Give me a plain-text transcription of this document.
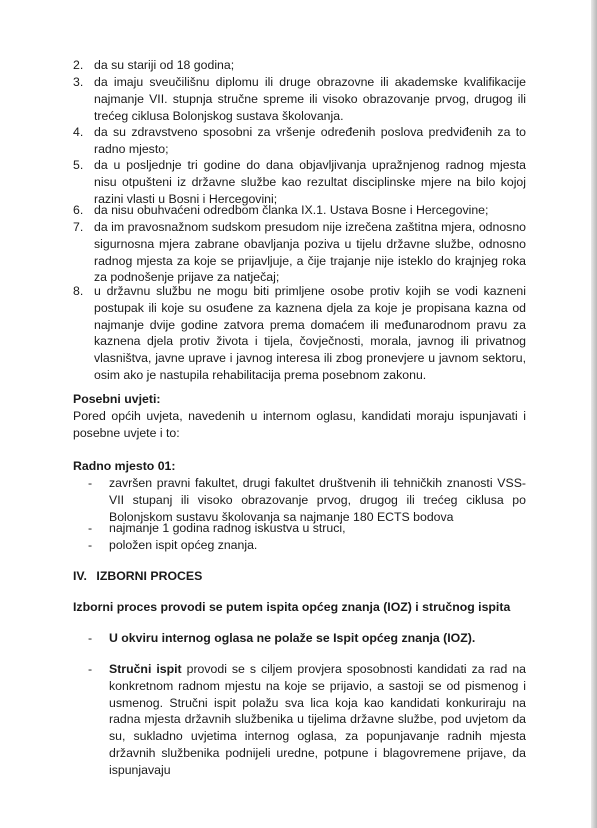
2. da su stariji od 18 godina;
3. da imaju sveučilišnu diplomu ili druge obrazovne ili akademske kvalifikacije najmanje VII. stupnja stručne spreme ili visoko obrazovanje prvog, drugog ili trećeg ciklusa Bolonjskog sustava školovanja.
4. da su zdravstveno sposobni za vršenje određenih poslova predviđenih za to radno mjesto;
5. da u posljednje tri godine do dana objavljivanja upražnjenog radnog mjesta nisu otpušteni iz državne službe kao rezultat disciplinske mjere na bilo kojoj razini vlasti u Bosni i Hercegovini;
6. da nisu obuhvaćeni odredbom članka IX.1. Ustava Bosne i Hercegovine;
7. da im pravosnažnom sudskom presudom nije izrečena zaštitna mjera, odnosno sigurnosna mjera zabrane obavljanja poziva u tijelu državne službe, odnosno radnog mjesta za koje se prijavljuje, a čije trajanje nije isteklo do krajnjeg roka za podnošenje prijave za natječaj;
8. u državnu službu ne mogu biti primljene osobe protiv kojih se vodi kazneni postupak ili koje su osuđene za kaznena djela za koje je propisana kazna od najmanje dvije godine zatvora prema domaćem ili međunarodnom pravu za kaznena djela protiv života i tijela, čovječnosti, morala, javnog ili privatnog vlasništva, javne uprave i javnog interesa ili zbog pronevjere u javnom sektoru, osim ako je nastupila rehabilitacija prema posebnom zakonu.
Posebni uvjeti:
Pored općih uvjeta, navedenih u internom oglasu, kandidati moraju ispunjavati i posebne uvjete i to:
Radno mjesto 01:
- završen pravni fakultet, drugi fakultet društvenih ili tehničkih znanosti VSS-VII stupanj ili visoko obrazovanje prvog, drugog ili trećeg ciklusa po Bolonjskom sustavu školovanja sa najmanje 180 ECTS bodova
- najmanje 1 godina radnog iskustva u struci,
- položen ispit općeg znanja.
IV. IZBORNI PROCES
Izborni proces provodi se putem ispita općeg znanja (IOZ) i stručnog ispita
- U okviru internog oglasa ne polaže se Ispit općeg znanja (IOZ).
- Stručni ispit provodi se s ciljem provjera sposobnosti kandidati za rad na konkretnom radnom mjestu na koje se prijavio, a sastoji se od pismenog i usmenog. Stručni ispit polažu sva lica koja kao kandidati konkuriraju na radna mjesta državnih službenika u tijelima državne službe, pod uvjetom da su, sukladno uvjetima internog oglasa, za popunjavanje radnih mjesta državnih službenika podnijeli uredne, potpune i blagovremene prijave, da ispunjavaju
